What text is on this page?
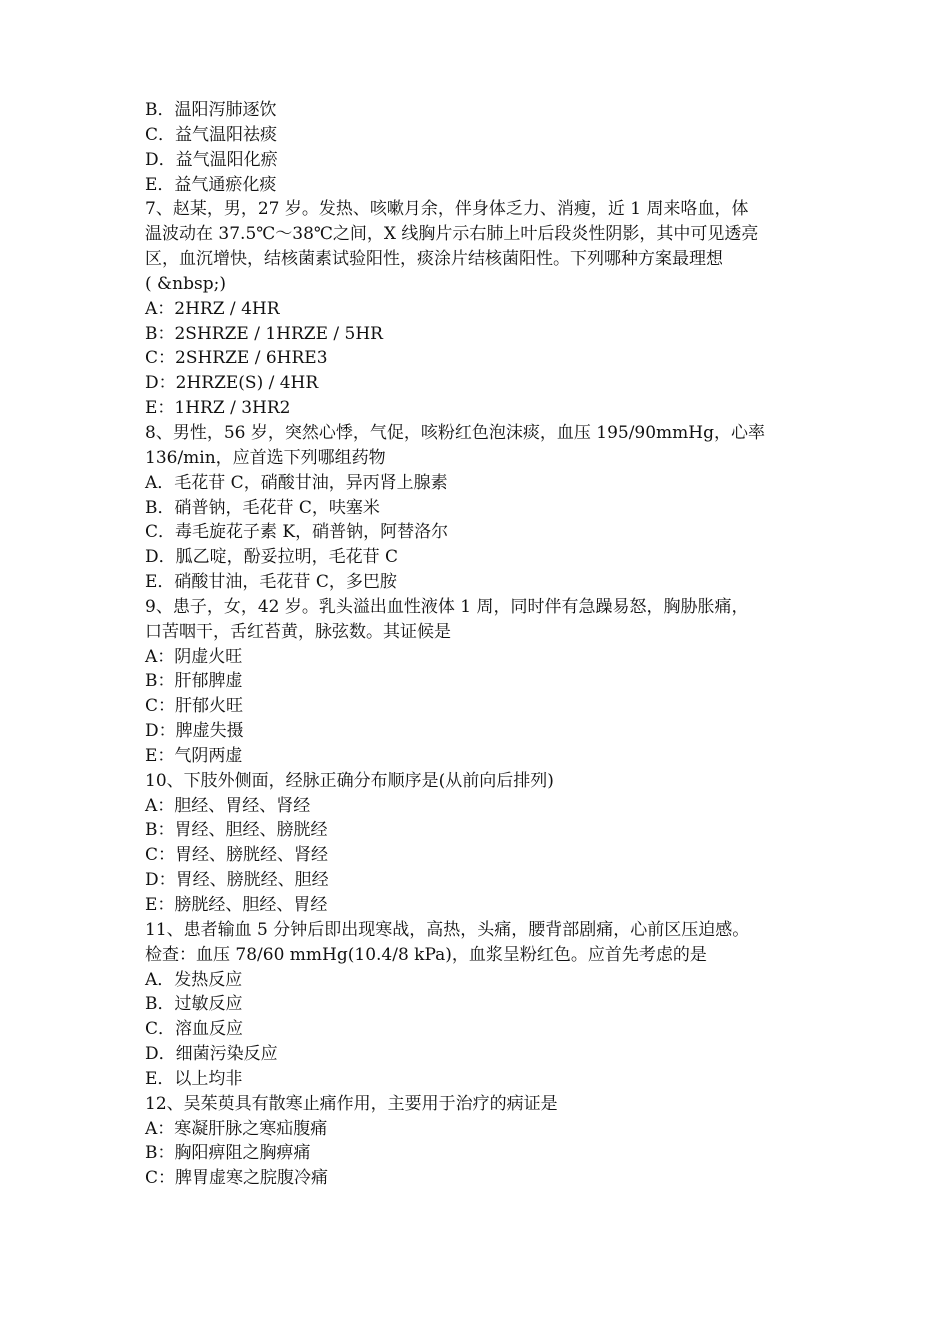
B．温阳泻肺逐饮

C．益气温阳祛痰

D．益气温阳化瘀

E．益气通瘀化痰

7、赵某，男，27 岁。发热、咳嗽月余，伴身体乏力、消瘦，近 1 周来咯血，体

温波动在 37.5℃～38℃之间，X 线胸片示右肺上叶后段炎性阴影，其中可见透亮

区，血沉增快，结核菌素试验阳性，痰涂片结核菌阳性。下列哪种方案最理想

( &nbsp;)

A：2HRZ / 4HR

B：2SHRZE / 1HRZE / 5HR

C：2SHRZE / 6HRE3

D：2HRZE(S) / 4HR

E：1HRZ / 3HR2

8、男性，56 岁，突然心悸，气促，咳粉红色泡沫痰，血压 195/90mmHg，心率

136/min，应首选下列哪组药物

A．毛花苷 C，硝酸甘油，异丙肾上腺素

B．硝普钠，毛花苷 C，呋塞米

C．毒毛旋花子素 K，硝普钠，阿替洛尔

D．胍乙啶，酚妥拉明，毛花苷 C

E．硝酸甘油，毛花苷 C，多巴胺

9、患子，女，42 岁。乳头溢出血性液体 1 周，同时伴有急躁易怒，胸胁胀痛，

口苦咽干，舌红苔黄，脉弦数。其证候是

A：阴虚火旺

B：肝郁脾虚

C：肝郁火旺

D：脾虚失摄

E：气阴两虚

10、下肢外侧面，经脉正确分布顺序是(从前向后排列)

A：胆经、胃经、肾经

B：胃经、胆经、膀胱经

C：胃经、膀胱经、肾经

D：胃经、膀胱经、胆经

E：膀胱经、胆经、胃经

11、患者输血 5 分钟后即出现寒战，高热，头痛，腰背部剧痛，心前区压迫感。

检查：血压 78/60 mmHg(10.4/8 kPa)，血浆呈粉红色。应首先考虑的是

A．发热反应

B．过敏反应

C．溶血反应

D．细菌污染反应

E．以上均非

12、吴茱萸具有散寒止痛作用，主要用于治疗的病证是

A：寒凝肝脉之寒疝腹痛

B：胸阳痹阻之胸痹痛

C：脾胃虚寒之脘腹冷痛
